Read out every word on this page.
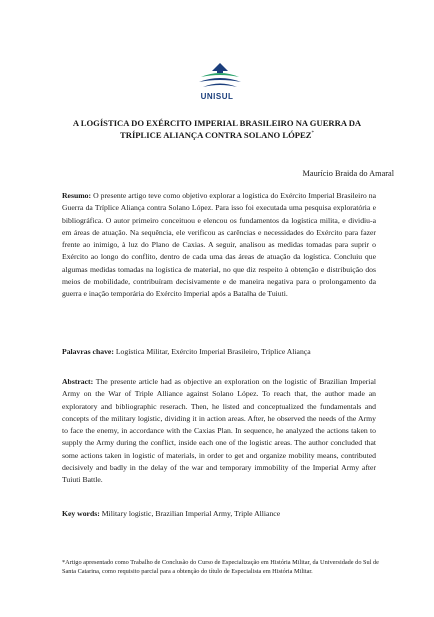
UNISUL
A LOGÍSTICA DO EXÉRCITO IMPERIAL BRASILEIRO NA GUERRA DA
TRÍPLICE ALIANÇA CONTRA SOLANO LÓPEZ*
Maurício Braida do Amaral

Resumo: O presente artigo teve como objetivo explorar a logística do Exército Imperial Brasileiro na Guerra da Tríplice Aliança contra Solano López. Para isso foi executada uma pesquisa exploratória e bibliográfica. O autor primeiro conceituou e elencou os fundamentos da logística milita, e dividiu-a em áreas de atuação. Na sequência, ele verificou as carências e necessidades do Exército para fazer frente ao inimigo, à luz do Plano de Caxias. A seguir, analisou as medidas tomadas para suprir o Exército ao longo do conflito, dentro de cada uma das áreas de atuação da logística. Concluiu que algumas medidas tomadas na logística de material, no que diz respeito à obtenção e distribuição dos meios de mobilidade, contribuíram decisivamente e de maneira negativa para o prolongamento da guerra e inação temporária do Exército Imperial após a Batalha de Tuiuti.

Palavras chave: Logística Militar, Exército Imperial Brasileiro, Tríplice Aliança

Abstract: The presente article had as objective an exploration on the logistic of Brazilian Imperial Army on the War of Triple Alliance against Solano López. To reach that, the author made an exploratory and bibliographic reserach. Then, he listed and conceptualized the fundamentals and concepts of the military logistic, dividing it in action areas. After, he observed the needs of the Army to face the enemy, in accordance with the Caxias Plan. In sequence, he analyzed the actions taken to supply the Army during the conflict, inside each one of the logistic areas. The author concluded that some actions taken in logistic of materials, in order to get and organize mobility means, contributed decisively and badly in the delay of the war and temporary immobility of the Imperial Army after Tuiuti Battle.

Key words: Military logistic, Brazilian Imperial Army, Triple Alliance

*Artigo apresentado como Trabalho de Conclusão do Curso de Especialização em História Militar, da Universidade do Sul de Santa Catarina, como requisito parcial para a obtenção do título de Especialista em História Militar.
